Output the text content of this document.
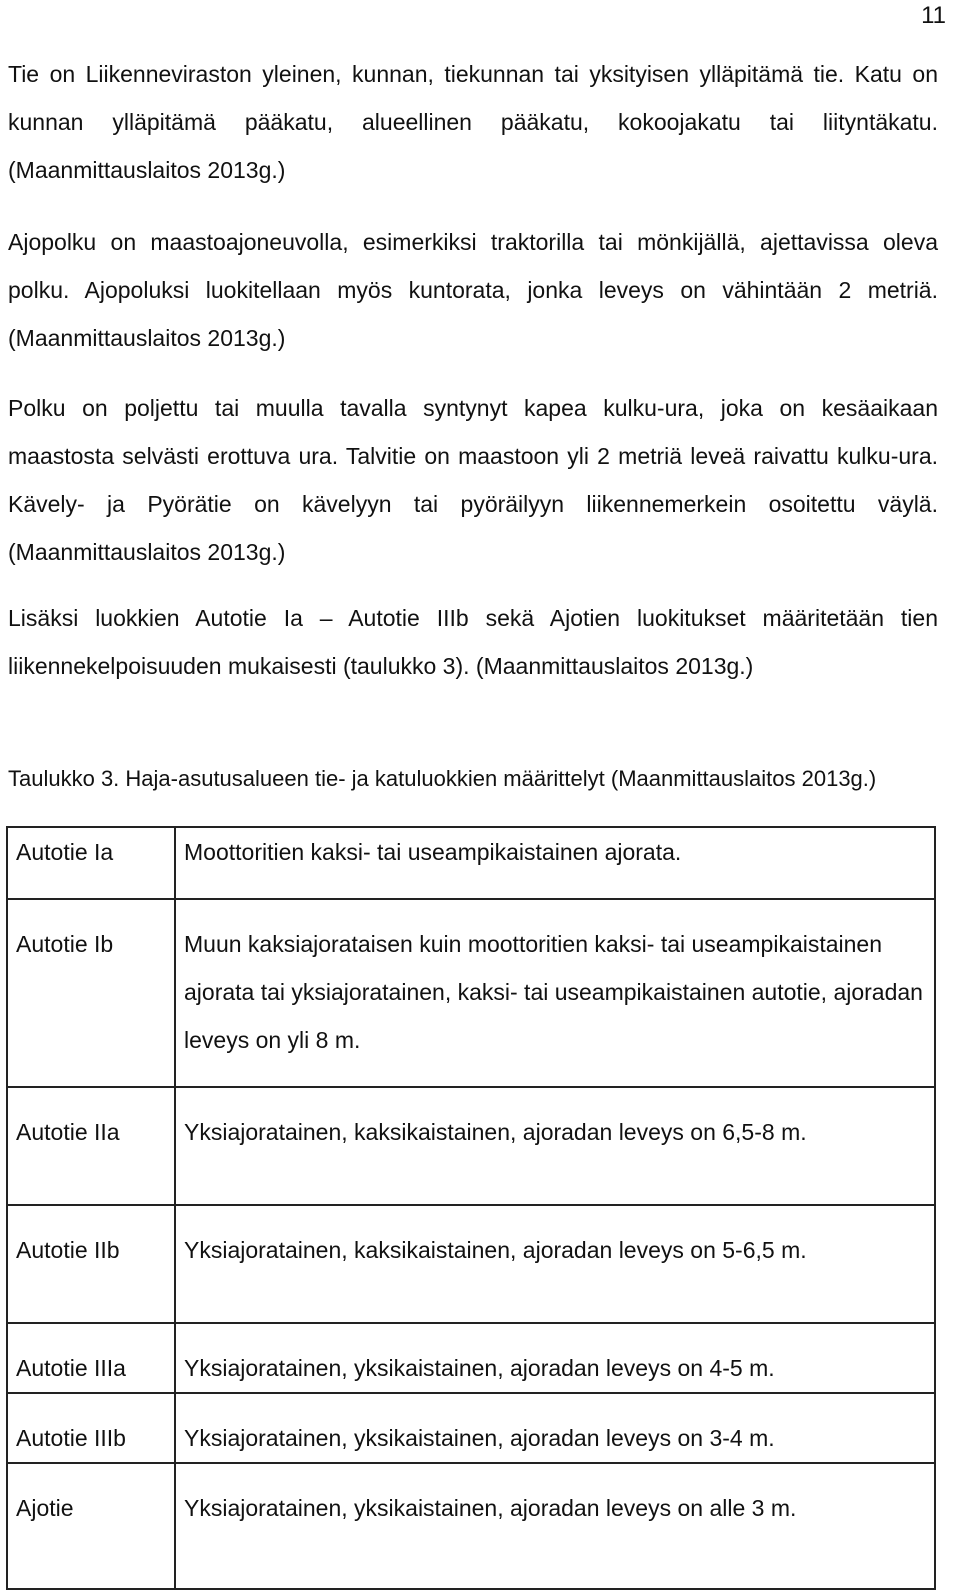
11

Tie on Liikenneviraston yleinen, kunnan, tiekunnan tai yksityisen ylläpitämä tie. Katu on kunnan ylläpitämä pääkatu, alueellinen pääkatu, kokoojakatu tai liityntäkatu. (Maanmittauslaitos 2013g.)

Ajopolku on maastoajoneuvolla, esimerkiksi traktorilla tai mönkijällä, ajettavissa oleva polku. Ajopoluksi luokitellaan myös kuntorata, jonka leveys on vähintään 2 metriä. (Maanmittauslaitos 2013g.)

Polku on poljettu tai muulla tavalla syntynyt kapea kulku-ura, joka on kesäaikaan maastosta selvästi erottuva ura. Talvitie on maastoon yli 2 metriä leveä raivattu kulku-ura. Kävely- ja Pyörätie on kävelyyn tai pyöräilyyn liikennemerkein osoitettu väylä. (Maanmittauslaitos 2013g.)

Lisäksi luokkien Autotie Ia – Autotie IIIb sekä Ajotien luokitukset määritetään tien liikennekelpoisuuden mukaisesti (taulukko 3). (Maanmittauslaitos 2013g.)

Taulukko 3. Haja-asutusalueen tie- ja katuluokkien määrittelyt (Maanmittauslaitos 2013g.)

Autotie Ia	Moottoritien kaksi- tai useampikaistainen ajorata.
Autotie Ib	Muun kaksiajorataisen kuin moottoritien kaksi- tai useampikaistainen ajorata tai yksiajoratainen, kaksi- tai useampikaistainen autotie, ajoradan leveys on yli 8 m.
Autotie IIa	Yksiajoratainen, kaksikaistainen, ajoradan leveys on 6,5-8 m.
Autotie IIb	Yksiajoratainen, kaksikaistainen, ajoradan leveys on 5-6,5 m.
Autotie IIIa	Yksiajoratainen, yksikaistainen, ajoradan leveys on 4-5 m.
Autotie IIIb	Yksiajoratainen, yksikaistainen, ajoradan leveys on 3-4 m.
Ajotie	Yksiajoratainen, yksikaistainen, ajoradan leveys on alle 3 m.
